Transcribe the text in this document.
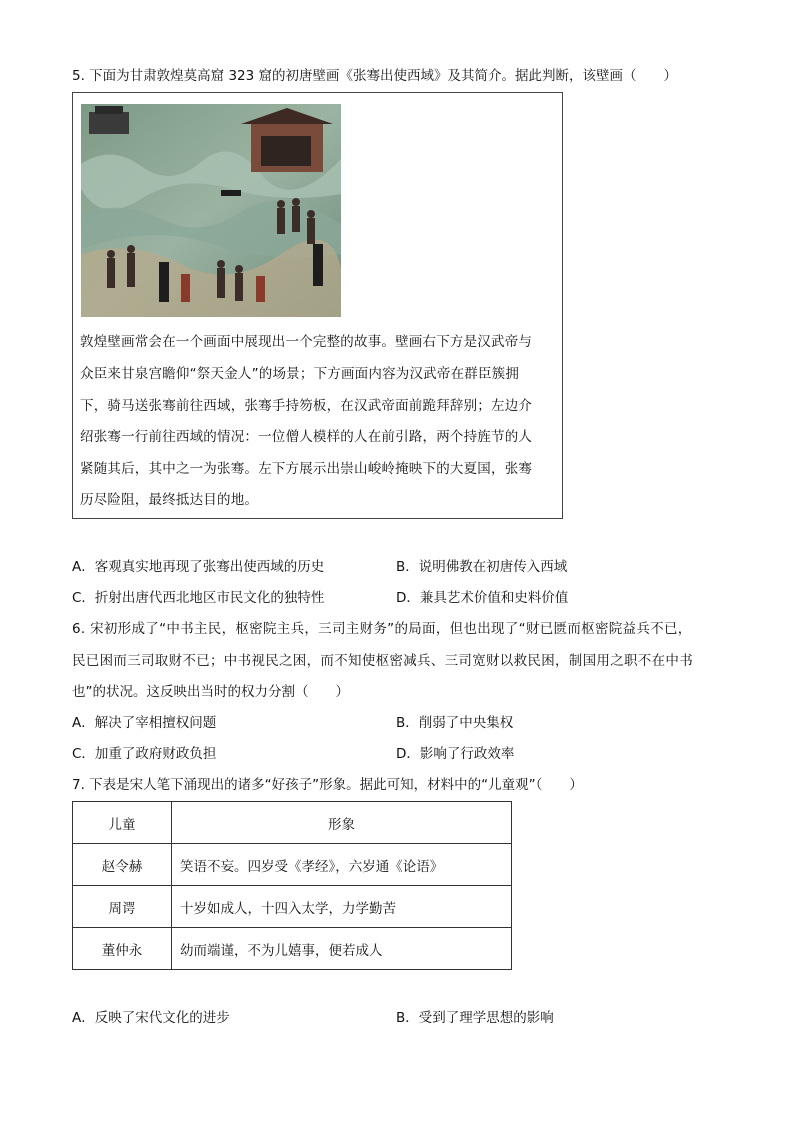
5. 下面为甘肃敦煌莫高窟 323 窟的初唐壁画《张骞出使西域》及其简介。据此判断，该壁画（　　）
敦煌壁画常会在一个画面中展现出一个完整的故事。壁画右下方是汉武帝与
众臣来甘泉宫瞻仰“祭天金人”的场景；下方画面内容为汉武帝在群臣簇拥
下，骑马送张骞前往西域，张骞手持笏板，在汉武帝面前跪拜辞别；左边介
绍张骞一行前往西域的情况：一位僧人模样的人在前引路，两个持旌节的人
紧随其后，其中之一为张骞。左下方展示出崇山峻岭掩映下的大夏国，张骞
历尽险阻，最终抵达目的地。
A．客观真实地再现了张骞出使西域的历史	B．说明佛教在初唐传入西域
C．折射出唐代西北地区市民文化的独特性	D．兼具艺术价值和史料价值
6. 宋初形成了“中书主民，枢密院主兵，三司主财务”的局面，但也出现了“财已匮而枢密院益兵不已，
民已困而三司取财不已；中书视民之困，而不知使枢密减兵、三司宽财以救民困，制国用之职不在中书
也”的状况。这反映出当时的权力分割（　　）
A．解决了宰相擅权问题	B．削弱了中央集权
C．加重了政府财政负担	D．影响了行政效率
7. 下表是宋人笔下涌现出的诸多“好孩子”形象。据此可知，材料中的“儿童观”（　　）
儿童	形象
赵令赫	笑语不妄。四岁受《孝经》，六岁通《论语》
周谔	十岁如成人，十四入太学，力学勤苦
董仲永	幼而端谨，不为儿嬉事，便若成人
A．反映了宋代文化的进步	B．受到了理学思想的影响
